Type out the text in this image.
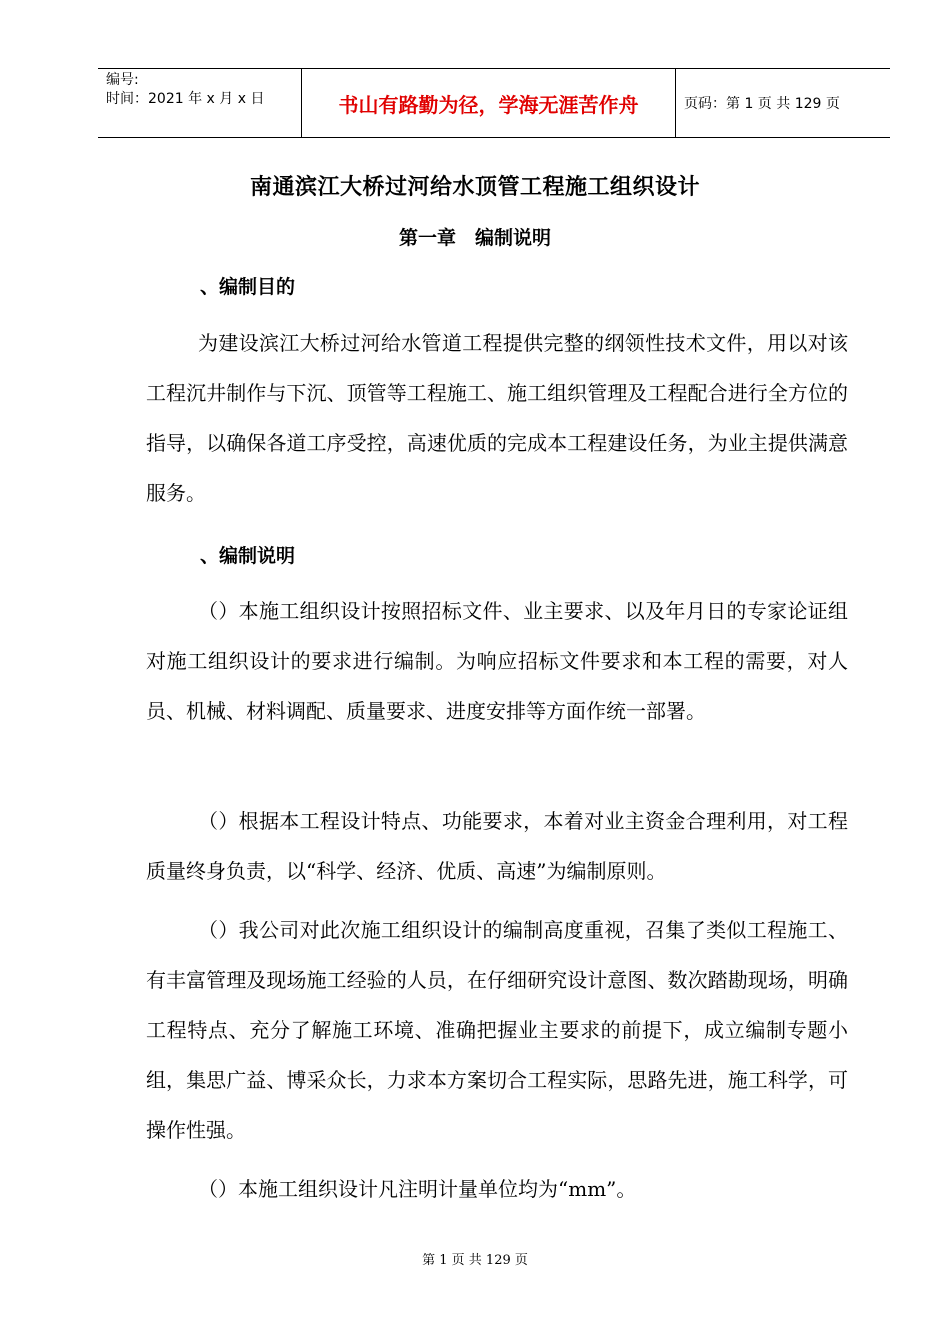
编号:
时间：2021 年 x 月 x 日	书山有路勤为径，学海无涯苦作舟	页码：第 1 页 共 129 页
南通滨江大桥过河给水顶管工程施工组织设计
第一章　编制说明
、编制目的

为建设滨江大桥过河给水管道工程提供完整的纲领性技术文件，用以对该工程沉井制作与下沉、顶管等工程施工、施工组织管理及工程配合进行全方位的指导，以确保各道工序受控，高速优质的完成本工程建设任务，为业主提供满意服务。

、编制说明

（）本施工组织设计按照招标文件、业主要求、以及年月日的专家论证组对施工组织设计的要求进行编制。为响应招标文件要求和本工程的需要，对人员、机械、材料调配、质量要求、进度安排等方面作统一部署。

（）根据本工程设计特点、功能要求，本着对业主资金合理利用，对工程质量终身负责，以“科学、经济、优质、高速”为编制原则。

（）我公司对此次施工组织设计的编制高度重视，召集了类似工程施工、有丰富管理及现场施工经验的人员，在仔细研究设计意图、数次踏勘现场，明确工程特点、充分了解施工环境、准确把握业主要求的前提下，成立编制专题小组，集思广益、博采众长，力求本方案切合工程实际，思路先进，施工科学，可操作性强。

（）本施工组织设计凡注明计量单位均为“mm”。

第 1 页 共 129 页
